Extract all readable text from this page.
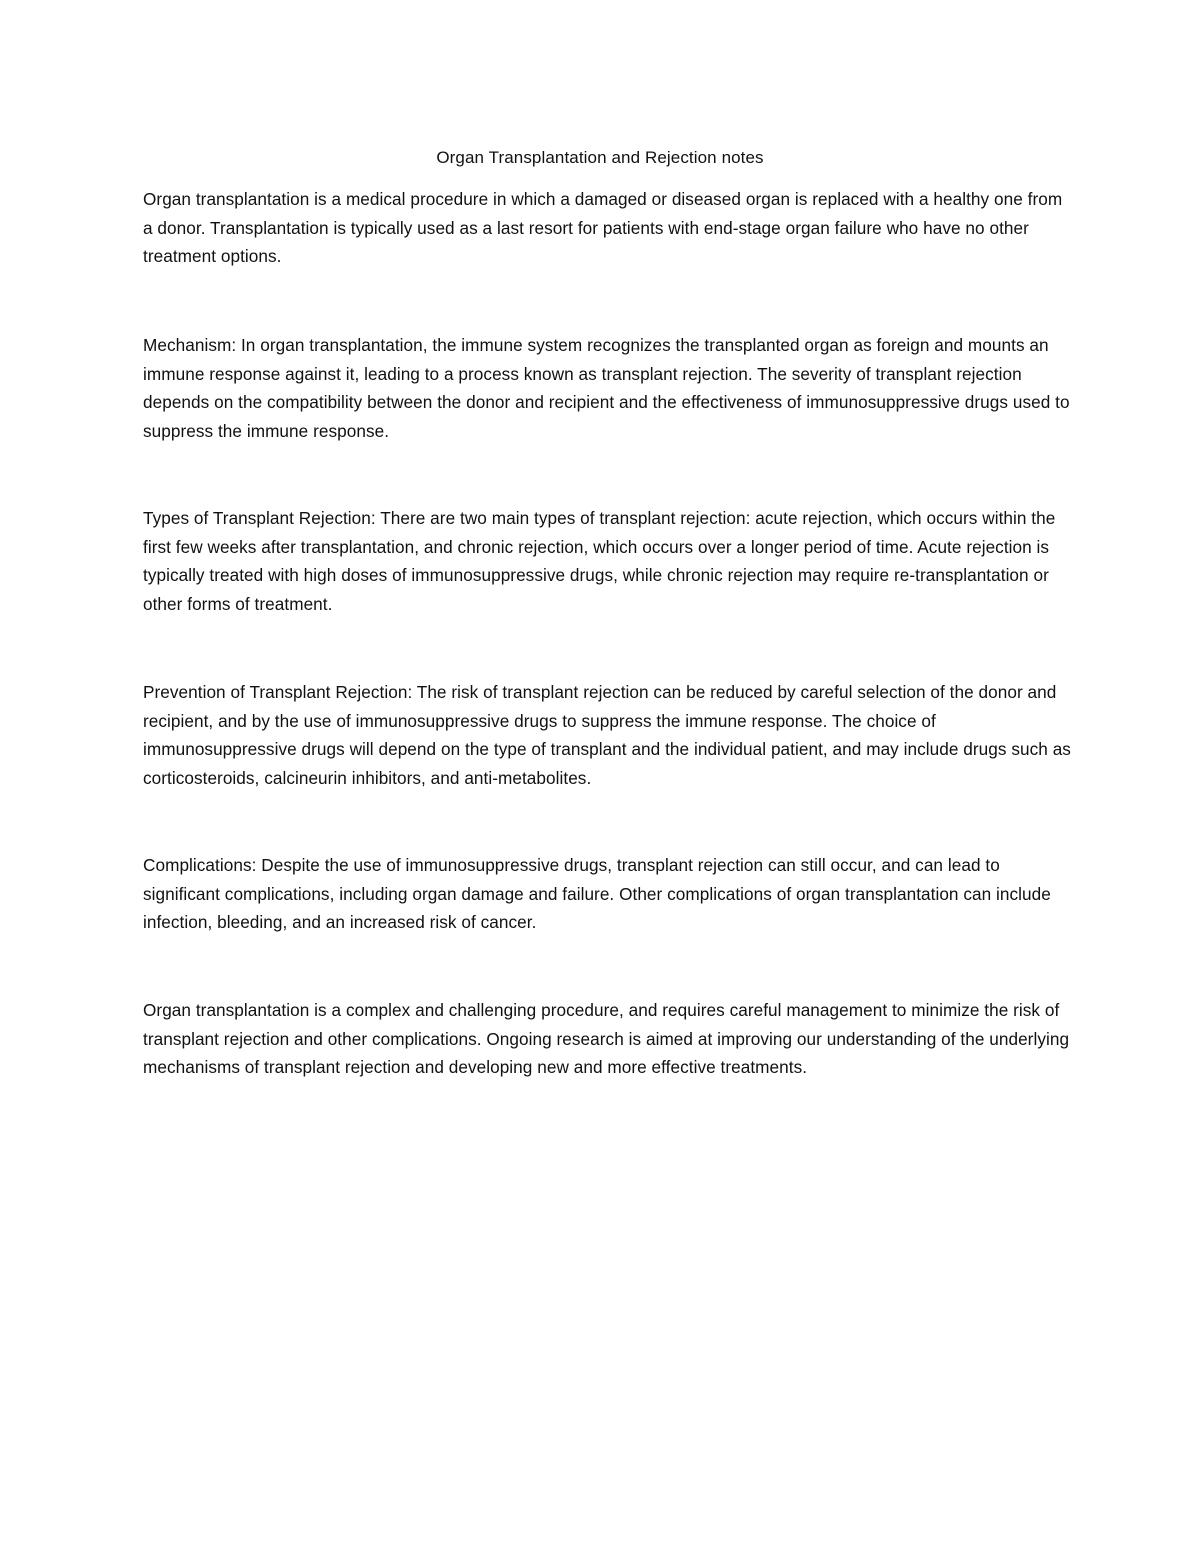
Organ Transplantation and Rejection notes

Organ transplantation is a medical procedure in which a damaged or diseased organ is replaced with a healthy one from a donor. Transplantation is typically used as a last resort for patients with end-stage organ failure who have no other treatment options.

Mechanism: In organ transplantation, the immune system recognizes the transplanted organ as foreign and mounts an immune response against it, leading to a process known as transplant rejection. The severity of transplant rejection depends on the compatibility between the donor and recipient and the effectiveness of immunosuppressive drugs used to suppress the immune response.

Types of Transplant Rejection: There are two main types of transplant rejection: acute rejection, which occurs within the first few weeks after transplantation, and chronic rejection, which occurs over a longer period of time. Acute rejection is typically treated with high doses of immunosuppressive drugs, while chronic rejection may require re-transplantation or other forms of treatment.

Prevention of Transplant Rejection: The risk of transplant rejection can be reduced by careful selection of the donor and recipient, and by the use of immunosuppressive drugs to suppress the immune response. The choice of immunosuppressive drugs will depend on the type of transplant and the individual patient, and may include drugs such as corticosteroids, calcineurin inhibitors, and anti-metabolites.

Complications: Despite the use of immunosuppressive drugs, transplant rejection can still occur, and can lead to significant complications, including organ damage and failure. Other complications of organ transplantation can include infection, bleeding, and an increased risk of cancer.

Organ transplantation is a complex and challenging procedure, and requires careful management to minimize the risk of transplant rejection and other complications. Ongoing research is aimed at improving our understanding of the underlying mechanisms of transplant rejection and developing new and more effective treatments.
